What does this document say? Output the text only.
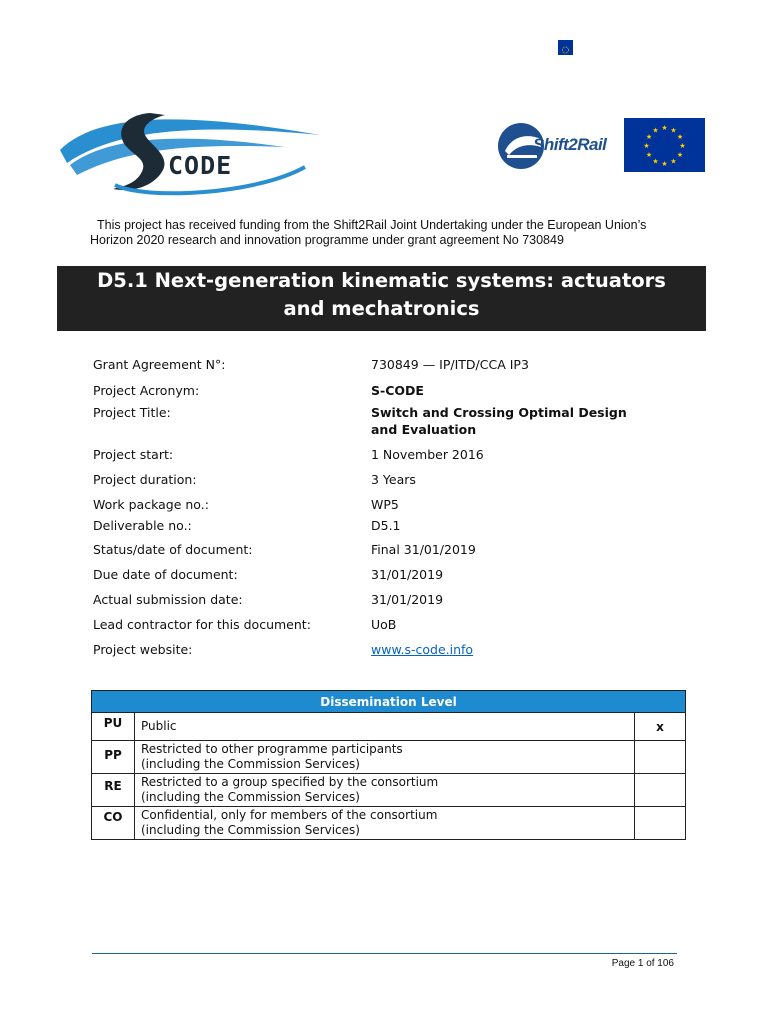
CODE
Shift2Rail
★ ★
★
★
★
★
★
★
★
★
★
★
This project has received funding from the Shift2Rail Joint Undertaking under the European Union’s Horizon 2020 research and innovation programme under grant agreement No 730849
D5.1 Next-generation kinematic systems: actuators and mechatronics
Grant Agreement N°:	730849 — IP/ITD/CCA IP3
Project Acronym:	S-CODE
Project Title:	Switch and Crossing Optimal Design and Evaluation
Project start:	1 November 2016
Project duration:	3 Years
Work package no.:	WP5
Deliverable no.:	D5.1
Status/date of document:	Final 31/01/2019
Due date of document:	31/01/2019
Actual submission date:	31/01/2019
Lead contractor for this document:	UoB
Project website:	www.s-code.info
Dissemination Level		
PU	Public	x
PP	Restricted to other programme participants
(including the Commission Services)	

RE	Restricted to a group specified by the consortium
(including the Commission Services)	

CO	Confidential, only for members of the consortium
(including the Commission Services)	

Page 1 of 106
